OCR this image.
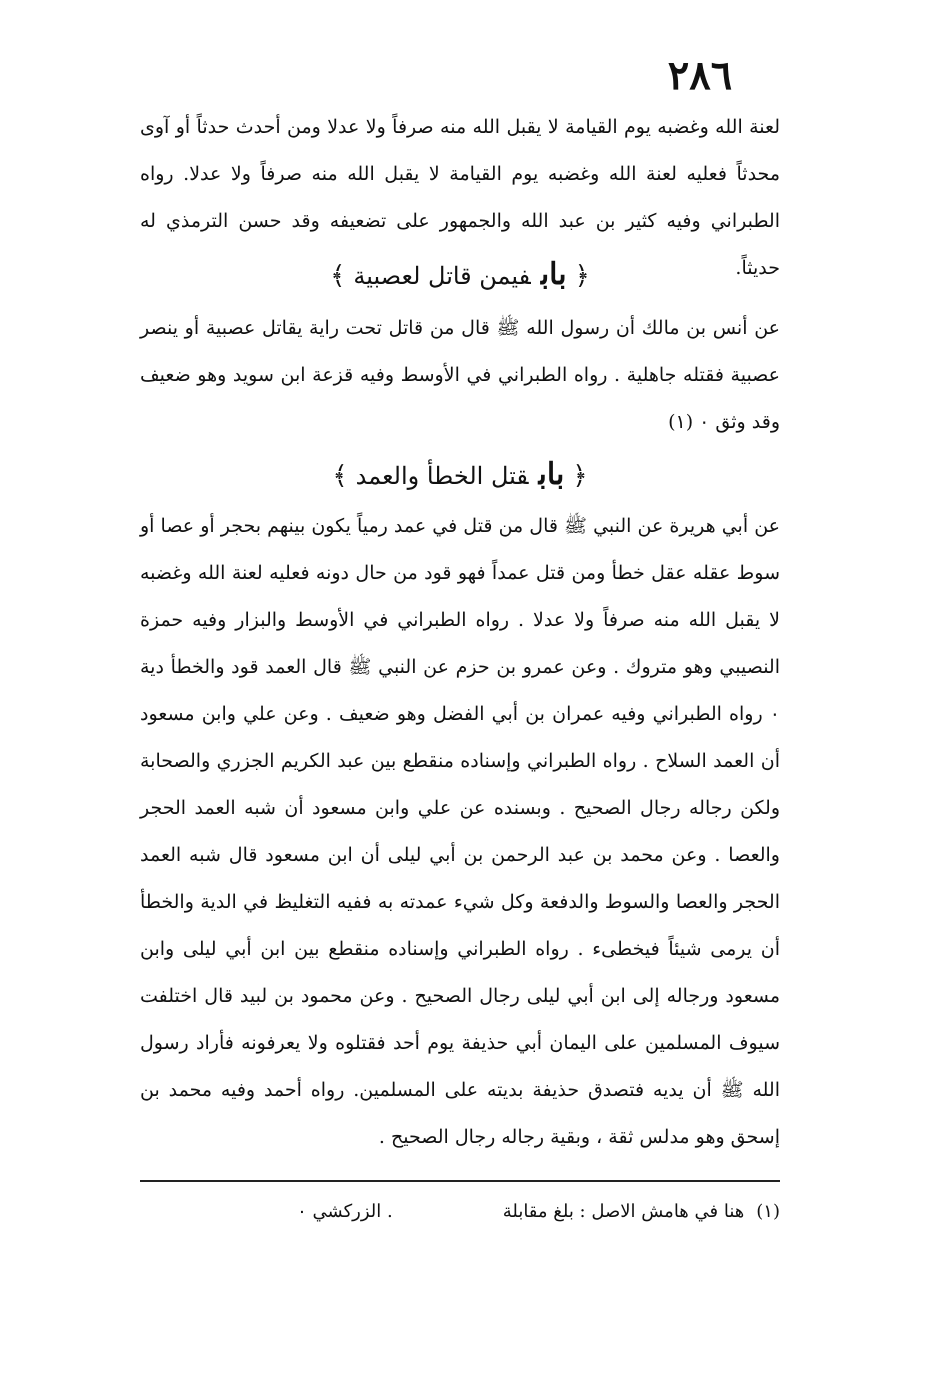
٢٨٦
لعنة الله وغضبه يوم القيامة لا يقبل الله منه صرفاً ولا عدلا ومن أحدث حدثاً أو آوى محدثاً فعليه لعنة الله وغضبه يوم القيامة لا يقبل الله منه صرفاً ولا عدلا. رواه الطبراني وفيه كثير بن عبد الله والجمهور على تضعيفه وقد حسن الترمذي له حديثاً.
﴿بابفيمن قاتل لعصبية﴾
عن أنس بن مالك أن رسول الله ﷺ قال من قاتل تحت راية يقاتل عصبية أو ينصر عصبية فقتله جاهلية . رواه الطبراني في الأوسط وفيه قزعة ابن سويد وهو ضعيف وقد وثق ٠ (١)
﴿بابقتل الخطأ والعمد﴾
عن أبي هريرة عن النبي ﷺ قال من قتل في عمد رمياً يكون بينهم بحجر أو عصا أو سوط عقله عقل خطأ ومن قتل عمداً فهو قود من حال دونه فعليه لعنة الله وغضبه لا يقبل الله منه صرفاً ولا عدلا . رواه الطبراني في الأوسط والبزار وفيه حمزة النصيبي وهو متروك . وعن عمرو بن حزم عن النبي ﷺ قال العمد قود والخطأ دية ٠ رواه الطبراني وفيه عمران بن أبي الفضل وهو ضعيف . وعن علي وابن مسعود أن العمد السلاح . رواه الطبراني وإسناده منقطع بين عبد الكريم الجزري والصحابة ولكن رجاله رجال الصحيح . وبسنده عن علي وابن مسعود أن شبه العمد الحجر والعصا . وعن محمد بن عبد الرحمن بن أبي ليلى أن ابن مسعود قال شبه العمد الحجر والعصا والسوط والدفعة وكل شيء عمدته به ففيه التغليظ في الدية والخطأ أن يرمى شيئاً فيخطىء . رواه الطبراني وإسناده منقطع بين ابن أبي ليلى وابن مسعود ورجاله إلى ابن أبي ليلى رجال الصحيح . وعن محمود بن لبيد قال اختلفت سيوف المسلمين على اليمان أبي حذيفة يوم أحد فقتلوه ولا يعرفونه فأراد رسول الله ﷺ أن يديه فتصدق حذيفة بديته على المسلمين. رواه أحمد وفيه محمد بن إسحق وهو مدلس ثقة ، وبقية رجاله رجال الصحيح .
(١)هنا في هامش الاصل : بلغ مقابلة. الزركشي ٠
